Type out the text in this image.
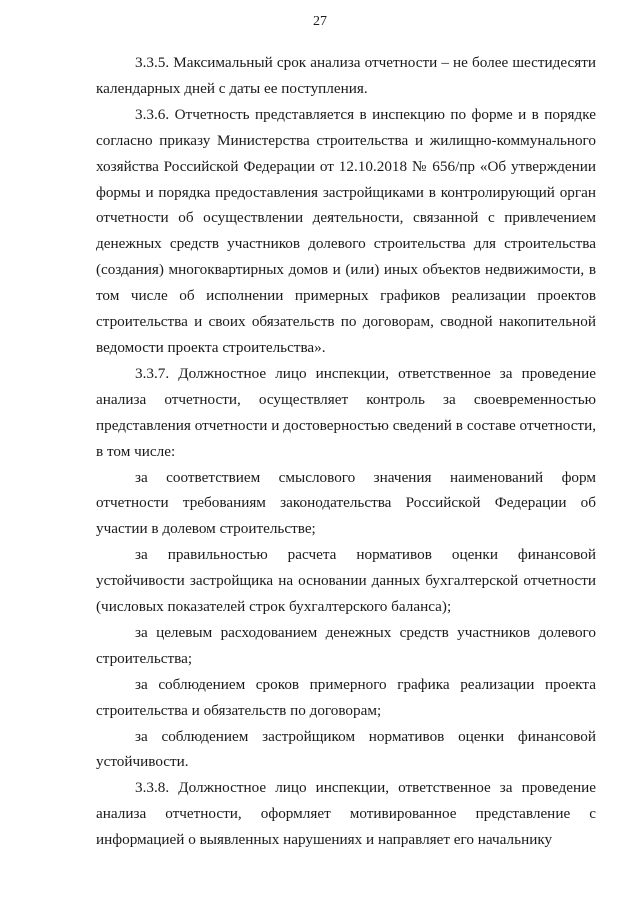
27

3.3.5. Максимальный срок анализа отчетности – не более шестидесяти календарных дней с даты ее поступления.

3.3.6. Отчетность представляется в инспекцию по форме и в порядке согласно приказу Министерства строительства и жилищно-коммунального хозяйства Российской Федерации от 12.10.2018 № 656/пр «Об утверждении формы и порядка предоставления застройщиками в контролирующий орган отчетности об осуществлении деятельности, связанной с привлечением денежных средств участников долевого строительства для строительства (создания) многоквартирных домов и (или) иных объектов недвижимости, в том числе об исполнении примерных графиков реализации проектов строительства и своих обязательств по договорам, сводной накопительной ведомости проекта строительства».

3.3.7. Должностное лицо инспекции, ответственное за проведение анализа отчетности, осуществляет контроль за своевременностью представления отчетности и достоверностью сведений в составе отчетности, в том числе:

за соответствием смыслового значения наименований форм отчетности требованиям законодательства Российской Федерации об участии в долевом строительстве;

за правильностью расчета нормативов оценки финансовой устойчивости застройщика на основании данных бухгалтерской отчетности (числовых показателей строк бухгалтерского баланса);

за целевым расходованием денежных средств участников долевого строительства;

за соблюдением сроков примерного графика реализации проекта строительства и обязательств по договорам;

за соблюдением застройщиком нормативов оценки финансовой устойчивости.

3.3.8. Должностное лицо инспекции, ответственное за проведение анализа отчетности, оформляет мотивированное представление с информацией о выявленных нарушениях и направляет его начальнику
